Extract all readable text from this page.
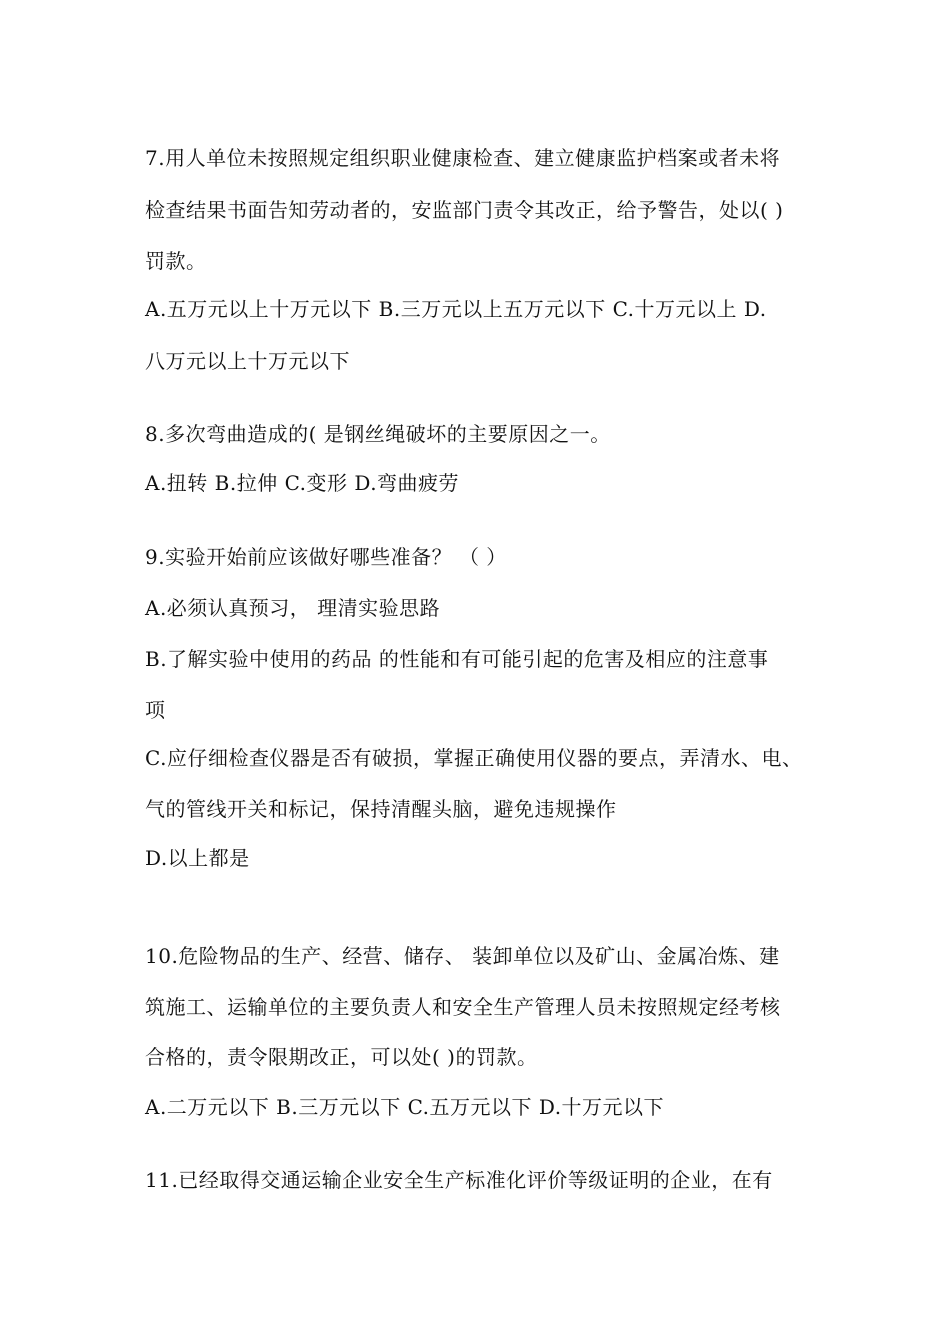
7.用人单位未按照规定组织职业健康检查、建立健康监护档案或者未将
检查结果书面告知劳动者的，安监部门责令其改正，给予警告，处以( )
罚款。
A.五万元以上十万元以下 B.三万元以上五万元以下 C.十万元以上 D.
八万元以上十万元以下
8.多次弯曲造成的( 是钢丝绳破坏的主要原因之一。
A.扭转 B.拉伸 C.变形 D.弯曲疲劳
9.实验开始前应该做好哪些准备？ （ ）
A.必须认真预习， 理清实验思路
B.了解实验中使用的药品 的性能和有可能引起的危害及相应的注意事
项
C.应仔细检查仪器是否有破损，掌握正确使用仪器的要点，弄清水、电、
气的管线开关和标记，保持清醒头脑，避免违规操作
D.以上都是
10.危险物品的生产、经营、储存、 装卸单位以及矿山、金属冶炼、建
筑施工、运输单位的主要负责人和安全生产管理人员未按照规定经考核
合格的，责令限期改正，可以处( )的罚款。
A.二万元以下 B.三万元以下 C.五万元以下 D.十万元以下
11.已经取得交通运输企业安全生产标准化评价等级证明的企业，在有
